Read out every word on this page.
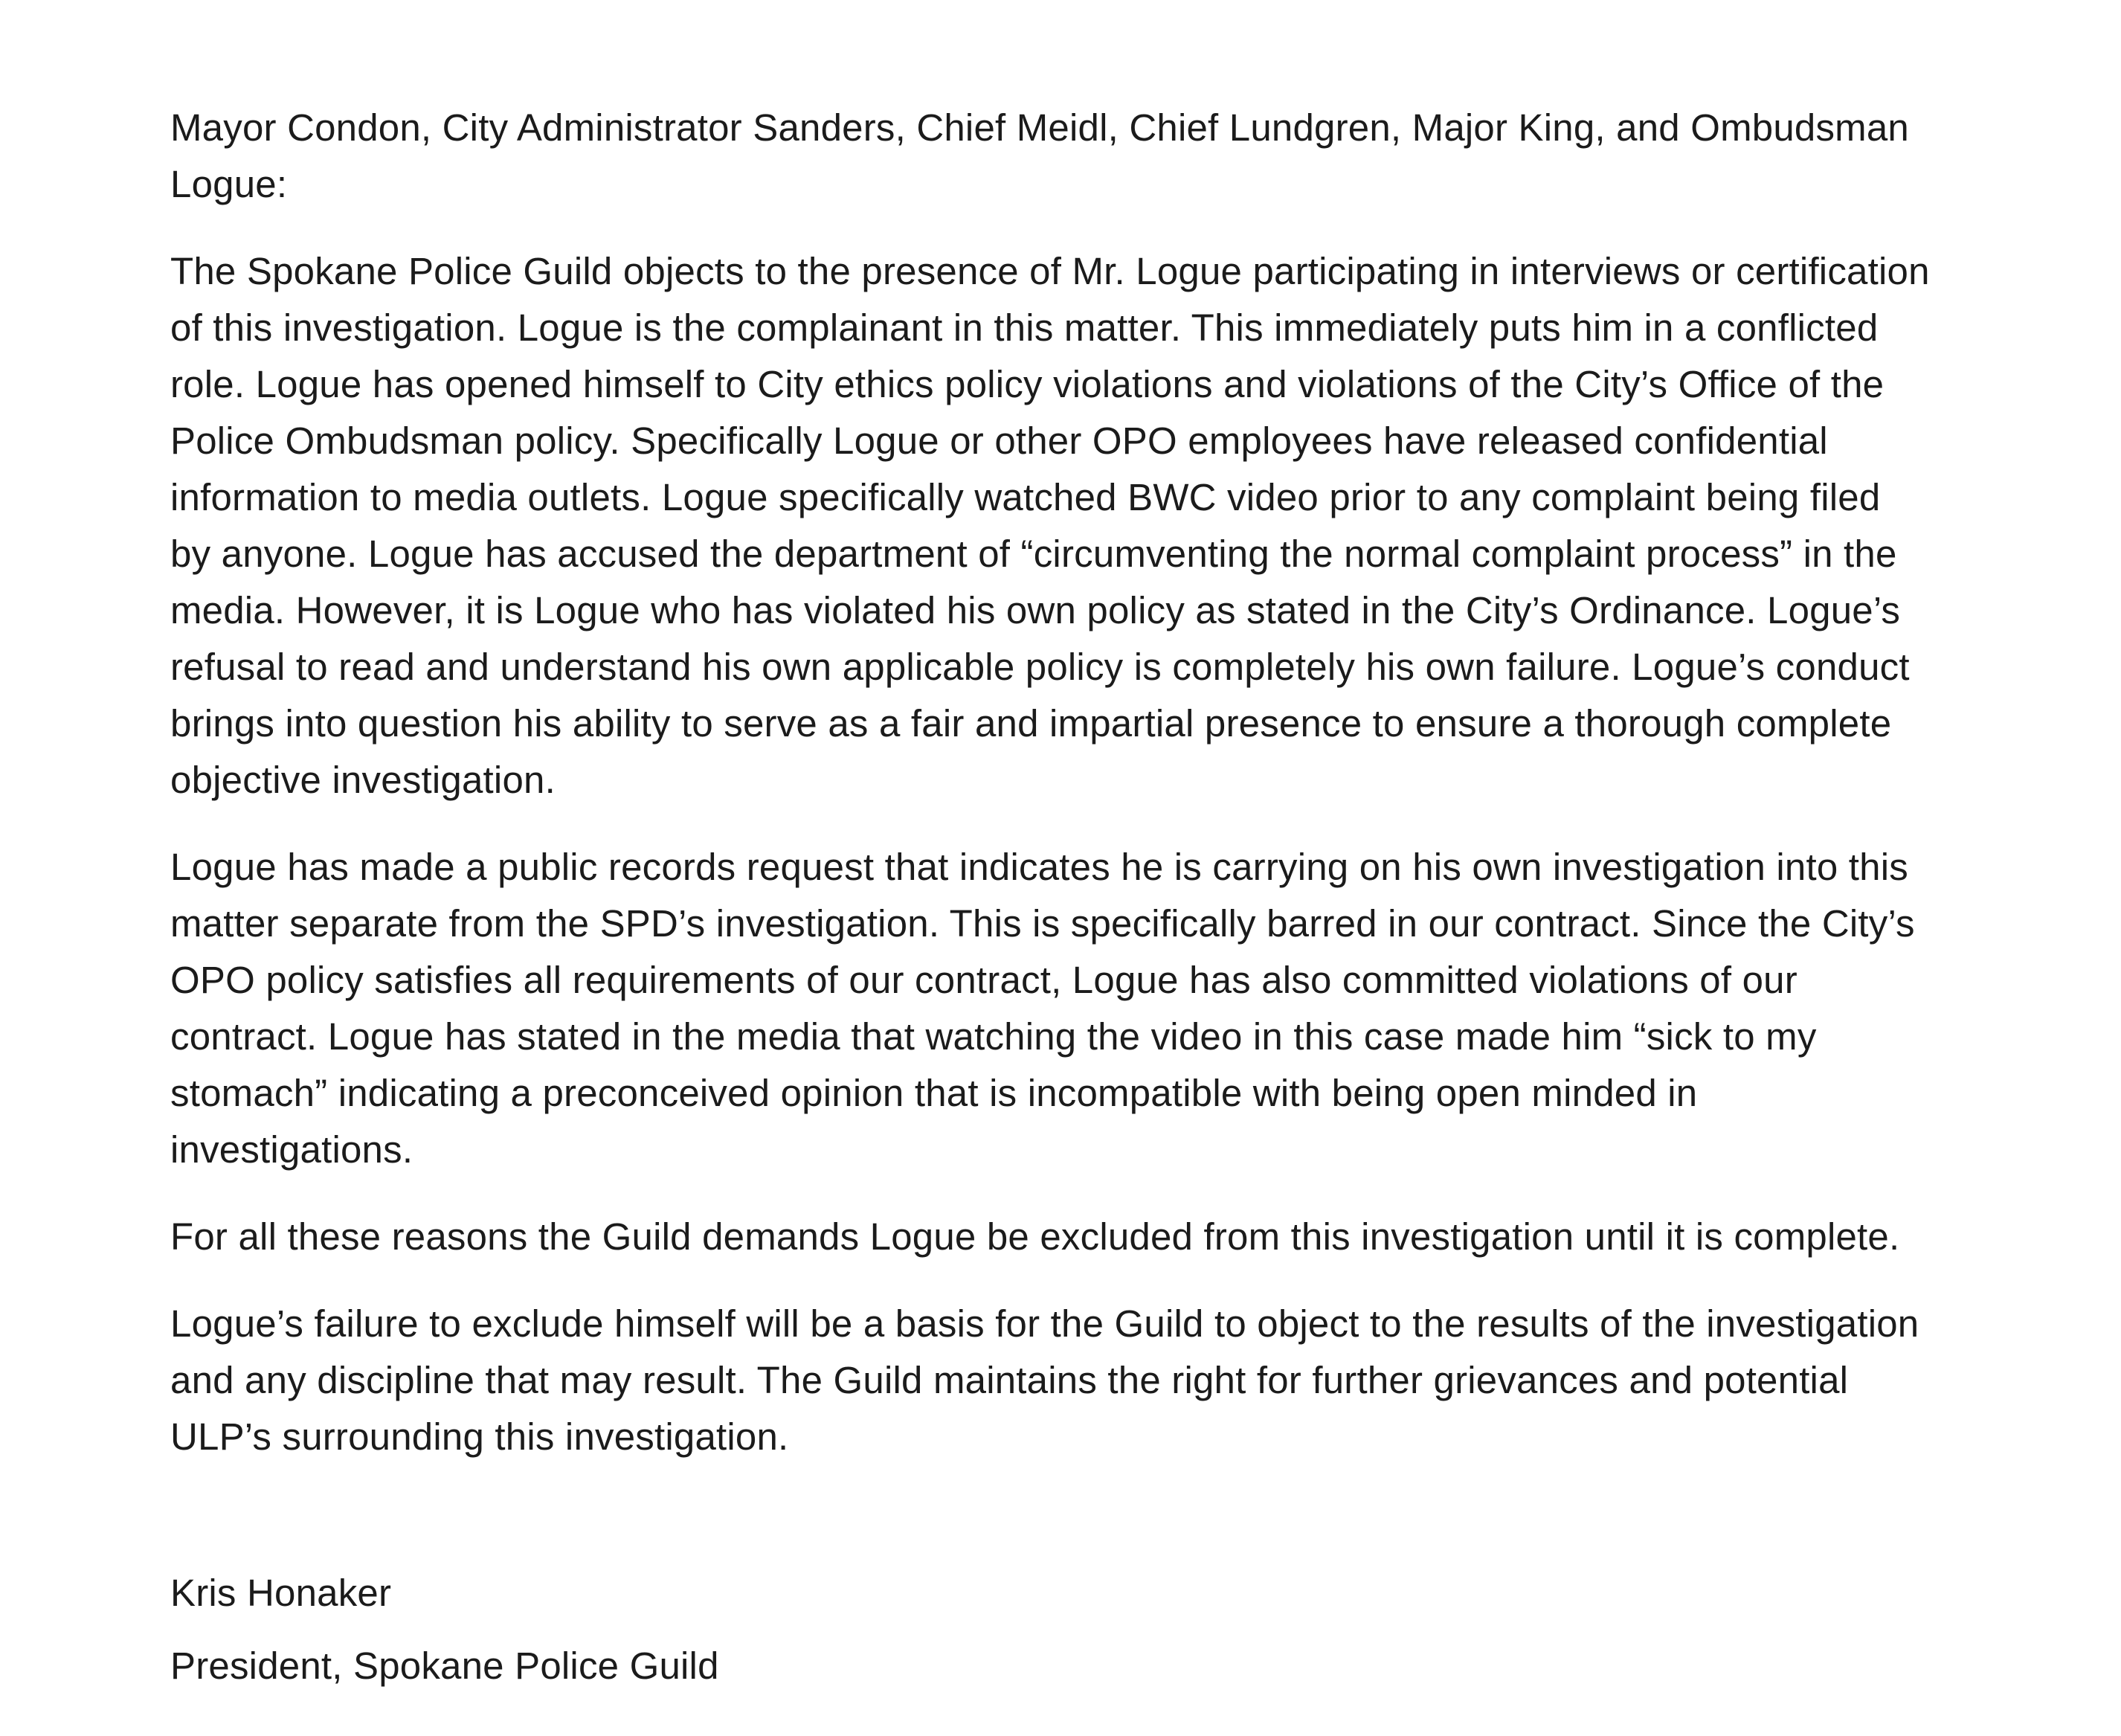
Mayor Condon, City Administrator Sanders, Chief Meidl, Chief Lundgren, Major King, and Ombudsman
Logue:
The Spokane Police Guild objects to the presence of Mr. Logue participating in interviews or certification
of this investigation. Logue is the complainant in this matter. This immediately puts him in a conflicted
role. Logue has opened himself to City ethics policy violations and violations of the City’s Office of the
Police Ombudsman policy. Specifically Logue or other OPO employees have released confidential
information to media outlets. Logue specifically watched BWC video prior to any complaint being filed
by anyone. Logue has accused the department of “circumventing the normal complaint process” in the
media. However, it is Logue who has violated his own policy as stated in the City’s Ordinance. Logue’s
refusal to read and understand his own applicable policy is completely his own failure. Logue’s conduct
brings into question his ability to serve as a fair and impartial presence to ensure a thorough complete
objective investigation.
Logue has made a public records request that indicates he is carrying on his own investigation into this
matter separate from the SPD’s investigation. This is specifically barred in our contract. Since the City’s
OPO policy satisfies all requirements of our contract, Logue has also committed violations of our
contract. Logue has stated in the media that watching the video in this case made him “sick to my
stomach” indicating a preconceived opinion that is incompatible with being open minded in
investigations.
For all these reasons the Guild demands Logue be excluded from this investigation until it is complete.
Logue’s failure to exclude himself will be a basis for the Guild to object to the results of the investigation
and any discipline that may result. The Guild maintains the right for further grievances and potential
ULP’s surrounding this investigation.
Kris Honaker
President, Spokane Police Guild
